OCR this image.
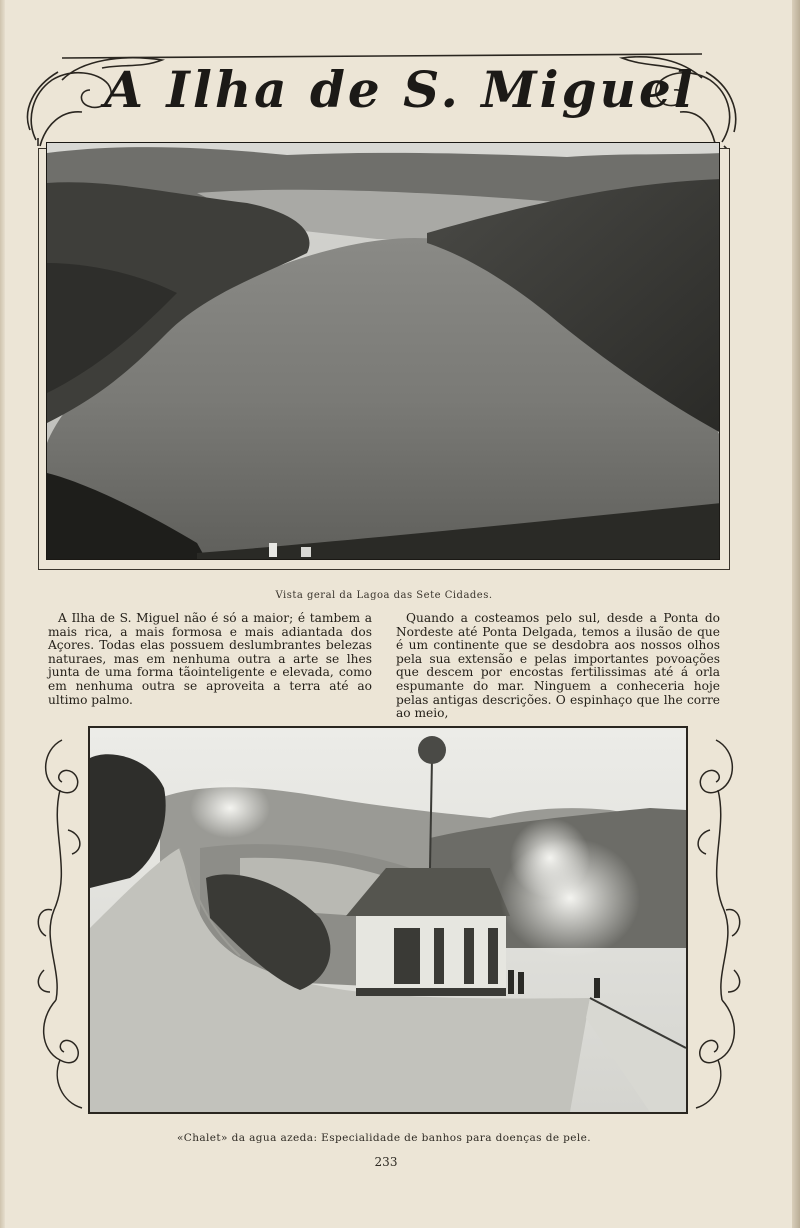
A Ilha de S. Miguel
Vista geral da Lagoa das Sete Cidades.

A Ilha de S. Miguel não é só a maior; é tambem a mais rica, a mais formosa e mais adiantada dos Açores. Todas elas possuem deslumbrantes belezas naturaes, mas em nenhuma outra a arte se lhes junta de uma forma tãointeligente e elevada, como em nenhuma outra se aproveita a terra até ao ultimo palmo.

Quando a costeamos pelo sul, desde a Ponta do Nordeste até Ponta Delgada, temos a ilusão de que é um continente que se desdobra aos nossos olhos pela sua extensão e pelas importantes povoações que descem por encostas fertilissimas até á orla espumante do mar. Ninguem a conheceria hoje pelas antigas descrições. O espinhaço que lhe corre ao meio,

«Chalet» da agua azeda: Especialidade de banhos para doenças de pele.
233
